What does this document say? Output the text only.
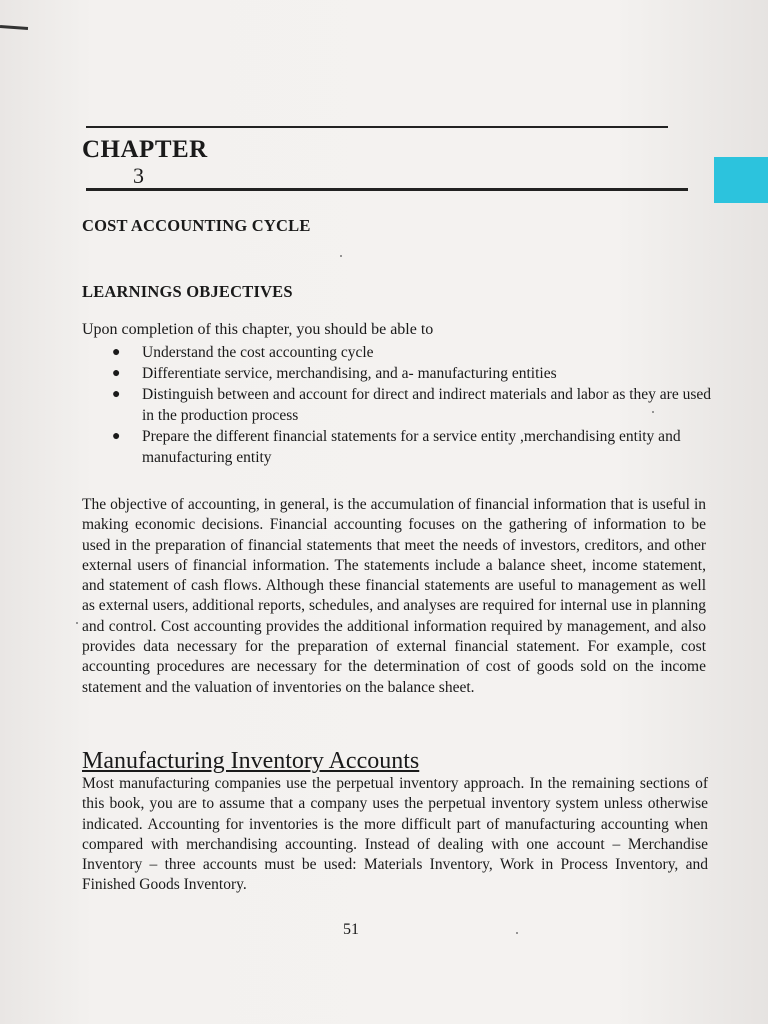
CHAPTER
3
COST ACCOUNTING CYCLE
LEARNINGS OBJECTIVES
Upon completion of this chapter, you should be able to
● Understand the cost accounting cycle
● Differentiate service, merchandising, and a- manufacturing entities
● Distinguish between and account for direct and indirect materials and labor as they are used in the production process
● Prepare the different financial statements for a service entity ,merchandising entity and manufacturing entity

The objective of accounting, in general, is the accumulation of financial information that is useful in making economic decisions. Financial accounting focuses on the gathering of information to be used in the preparation of financial statements that meet the needs of investors, creditors, and other external users of financial information. The statements include a balance sheet, income statement, and statement of cash flows. Although these financial statements are useful to management as well as external users, additional reports, schedules, and analyses are required for internal use in planning and control. Cost accounting provides the additional information required by management, and also provides data necessary for the preparation of external financial statement. For example, cost accounting procedures are necessary for the determination of cost of goods sold on the income statement and the valuation of inventories on the balance sheet.

Manufacturing Inventory Accounts

Most manufacturing companies use the perpetual inventory approach. In the remaining sections of this book, you are to assume that a company uses the perpetual inventory system unless otherwise indicated. Accounting for inventories is the more difficult part of manufacturing accounting when compared with merchandising accounting. Instead of dealing with one account – Merchandise Inventory – three accounts must be used: Materials Inventory, Work in Process Inventory, and Finished Goods Inventory.

51
